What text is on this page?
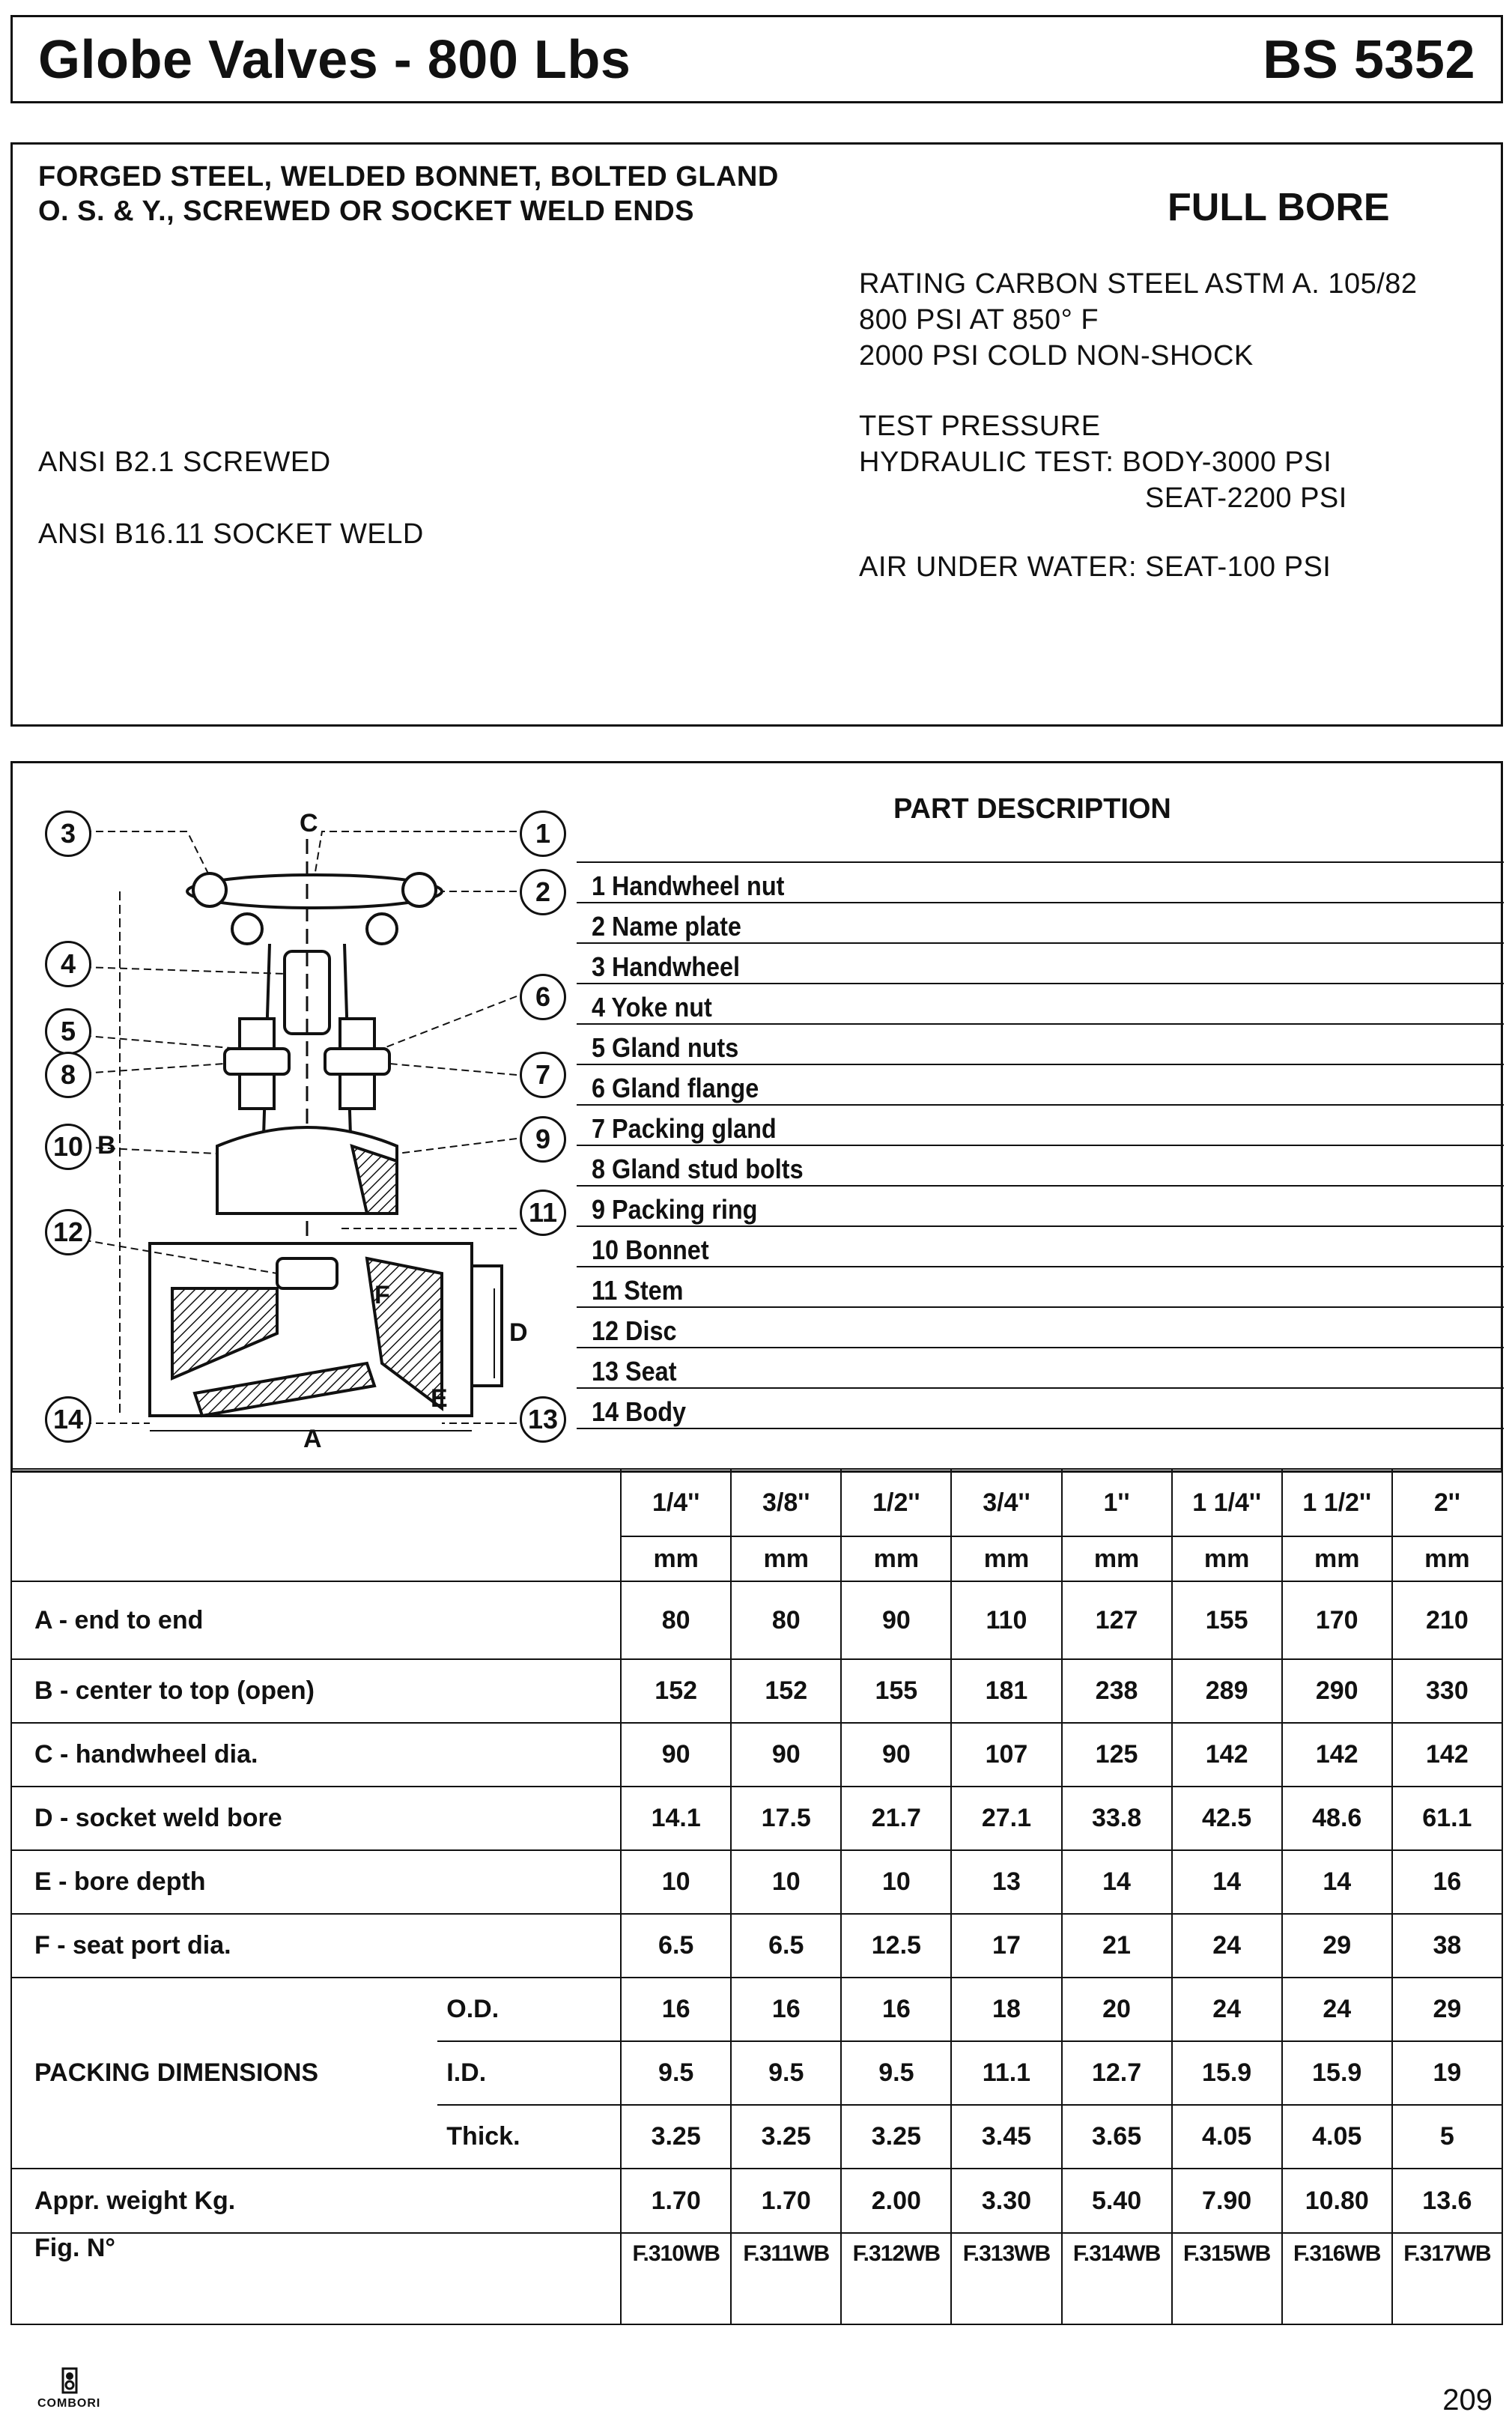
Globe Valves - 800 Lbs	BS 5352
FORGED STEEL, WELDED BONNET, BOLTED GLAND
O. S. & Y., SCREWED OR SOCKET WELD ENDS	FULL BORE
RATING CARBON STEEL ASTM A. 105/82
800 PSI AT 850° F
2000 PSI COLD NON-SHOCK
TEST PRESSURE
HYDRAULIC TEST: BODY-3000 PSI
SEAT-2200 PSI
AIR UNDER WATER: SEAT-100 PSI
ANSI B2.1 SCREWED
ANSI B16.11 SOCKET WELD
PART DESCRIPTION
1 Handwheel nut
2 Name plate
3 Handwheel
4 Yoke nut
5 Gland nuts
6 Gland flange
7 Packing gland
8 Gland stud bolts
9 Packing ring
10 Bonnet
11 Stem
12 Disc
13 Seat
14 Body
C
B
A
D
E
F
1
2
3
4
5
6
7
8
9
10
11
12
13
14
		1/4''	3/8''	1/2''	3/4''	1''	1 1/4''	1 1/2''	2''
		mm	mm	mm	mm	mm	mm	mm	mm
A - end to end		80	80	90	110	127	155	170	210
B - center to top (open)		152	152	155	181	238	289	290	330
C - handwheel dia.		90	90	90	107	125	142	142	142
D - socket weld bore		14.1	17.5	21.7	27.1	33.8	42.5	48.6	61.1
E - bore depth		10	10	10	13	14	14	14	16
F - seat port dia.		6.5	6.5	12.5	17	21	24	29	38
PACKING DIMENSIONS	O.D.	16	16	16	18	20	24	24	29
	I.D.	9.5	9.5	9.5	11.1	12.7	15.9	15.9	19
	Thick.	3.25	3.25	3.25	3.45	3.65	4.05	4.05	5
Appr. weight Kg.		1.70	1.70	2.00	3.30	5.40	7.90	10.80	13.6
Fig. N°		F.310WB	F.311WB	F.312WB	F.313WB	F.314WB	F.315WB	F.316WB	F.317WB
COMBORI	209
